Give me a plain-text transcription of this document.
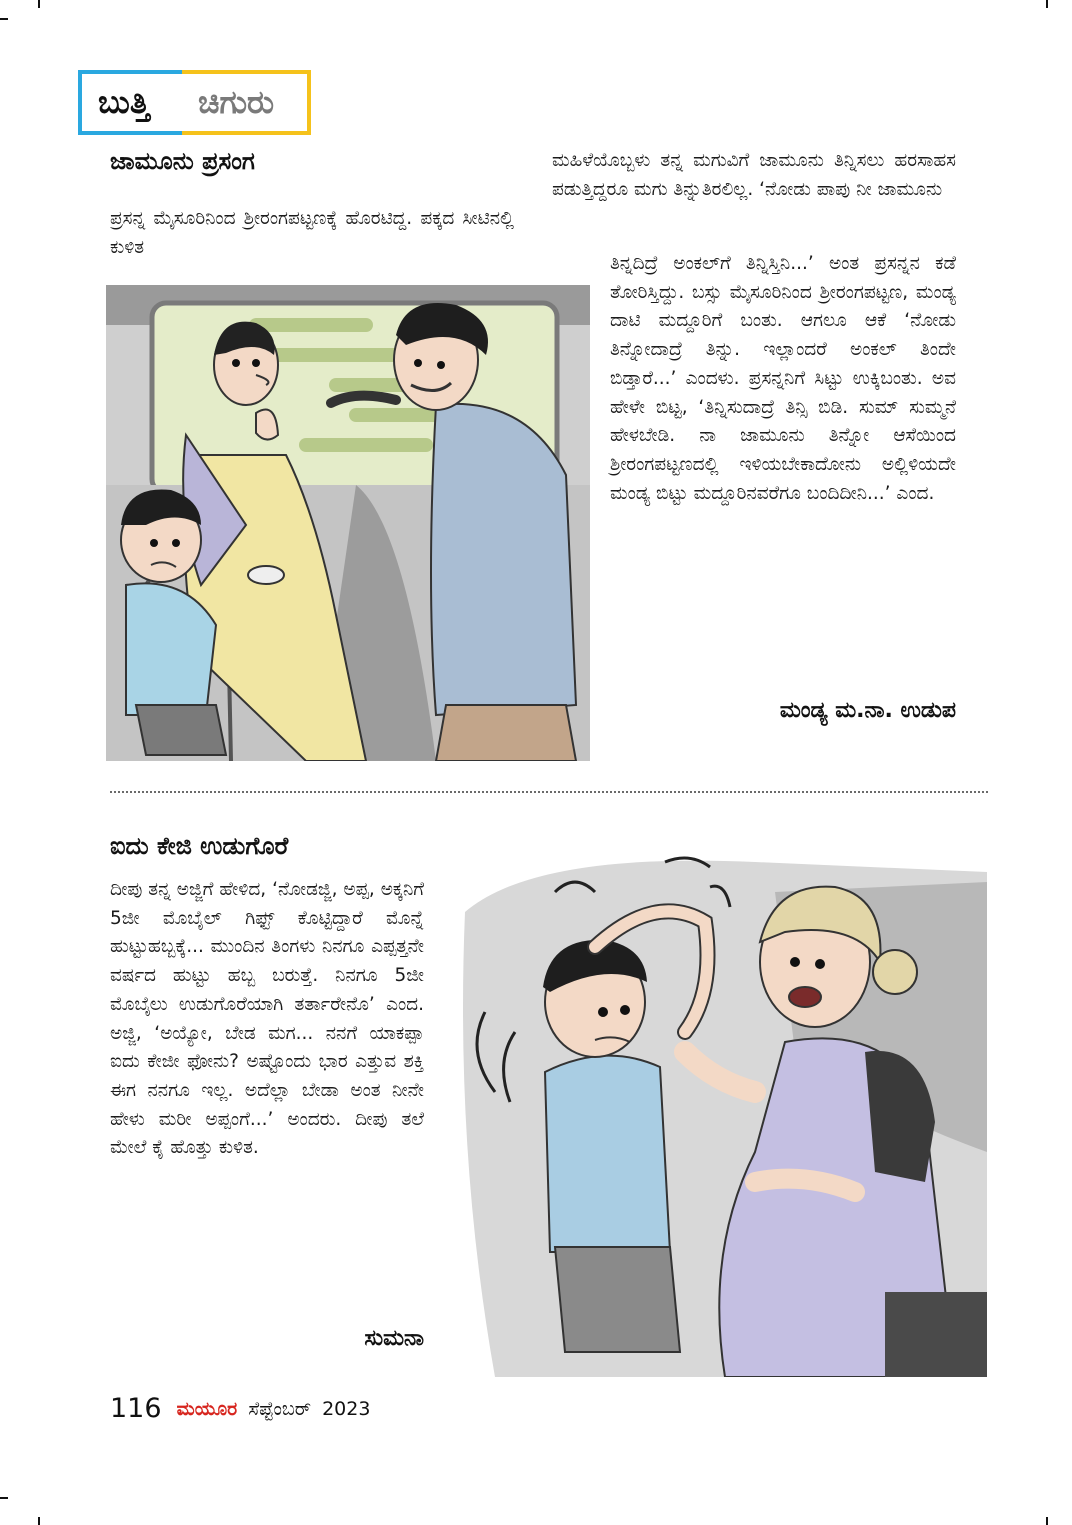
ಬುತ್ತಿ ಚಿಗುರು
ಜಾಮೂನು ಪ್ರಸಂಗ
ಪ್ರಸನ್ನ ಮೈಸೂರಿನಿಂದ ಶ್ರೀರಂಗಪಟ್ಟಣಕ್ಕೆ ಹೊರಟಿದ್ದ. ಪಕ್ಕದ ಸೀಟಿನಲ್ಲಿ ಕುಳಿತ
ಮಹಿಳೆಯೊಬ್ಬಳು ತನ್ನ ಮಗುವಿಗೆ ಜಾಮೂನು ತಿನ್ನಿಸಲು ಹರಸಾಹಸ ಪಡುತ್ತಿದ್ದರೂ ಮಗು ತಿನ್ನುತಿರಲಿಲ್ಲ. ‘ನೋಡು ಪಾಪು ನೀ ಜಾಮೂನು
ತಿನ್ನದಿದ್ರೆ ಅಂಕಲ್‌ಗೆ ತಿನ್ನಿಸ್ತಿನಿ...’ ಅಂತ ಪ್ರಸನ್ನನ ಕಡೆ ತೋರಿಸ್ತಿದ್ದು. ಬಸ್ಸು ಮೈಸೂರಿನಿಂದ ಶ್ರೀರಂಗಪಟ್ಟಣ, ಮಂಡ್ಯ ದಾಟಿ ಮದ್ದೂರಿಗೆ ಬಂತು. ಆಗಲೂ ಆಕೆ ‘ನೋಡು ತಿನ್ನೋದಾದ್ರೆ ತಿನ್ನು. ಇಲ್ಲಾಂದರೆ ಅಂಕಲ್ ತಿಂದೇ ಬಿಡ್ತಾರೆ...’ ಎಂದಳು. ಪ್ರಸನ್ನನಿಗೆ ಸಿಟ್ಟು ಉಕ್ಕಿಬಂತು. ಅವ ಹೇಳೇ ಬಿಟ್ಟ, ‘ತಿನ್ನಿಸುದಾದ್ರೆ ತಿನ್ಸಿ ಬಿಡಿ. ಸುಮ್ ಸುಮ್ಮನೆ ಹೇಳಬೇಡಿ. ನಾ ಜಾಮೂನು ತಿನ್ನೋ ಆಸೆಯಿಂದ ಶ್ರೀರಂಗಪಟ್ಟಣದಲ್ಲಿ ಇಳಿಯಬೇಕಾದೋನು ಅಲ್ಲಿಳಿಯದೇ ಮಂಡ್ಯ ಬಿಟ್ಟು ಮದ್ದೂರಿನವರೆಗೂ ಬಂದಿದೀನಿ...’ ಎಂದ.
ಮಂಡ್ಯ ಮ.ನಾ. ಉಡುಪ
ಐದು ಕೇಜಿ ಉಡುಗೊರೆ
ದೀಪು ತನ್ನ ಅಜ್ಜಿಗೆ ಹೇಳಿದ, ‘ನೋಡಜ್ಜಿ, ಅಪ್ಪ, ಅಕ್ಕನಿಗೆ 5ಜೀ ಮೊಬೈಲ್ ಗಿಫ್ಟ್ ಕೊಟ್ಟಿದ್ದಾರೆ ಮೊನ್ನೆ ಹುಟ್ಟುಹಬ್ಬಕ್ಕೆ... ಮುಂದಿನ ತಿಂಗಳು ನಿನಗೂ ಎಪ್ಪತ್ತನೇ ವರ್ಷದ ಹುಟ್ಟು ಹಬ್ಬ ಬರುತ್ತೆ. ನಿನಗೂ 5ಜೀ ಮೊಬೈಲು ಉಡುಗೊರೆಯಾಗಿ ತರ್ತಾರೇನೊ’ ಎಂದ. ಅಜ್ಜಿ, ‘ಅಯ್ಯೋ, ಬೇಡ ಮಗ... ನನಗೆ ಯಾಕಪ್ಪಾ ಐದು ಕೇಜೀ ಫೋನು? ಅಷ್ಟೊಂದು ಭಾರ ಎತ್ತುವ ಶಕ್ತಿ ಈಗ ನನಗೂ ಇಲ್ಲ. ಅದೆಲ್ಲಾ ಬೇಡಾ ಅಂತ ನೀನೇ ಹೇಳು ಮರೀ ಅಪ್ಪಂಗೆ...’ ಅಂದರು. ದೀಪು ತಲೆ ಮೇಲೆ ಕೈ ಹೊತ್ತು ಕುಳಿತ.
ಸುಮನಾ
116 ಮಯೂರ ಸೆಪ್ಟೆಂಬರ್ 2023
